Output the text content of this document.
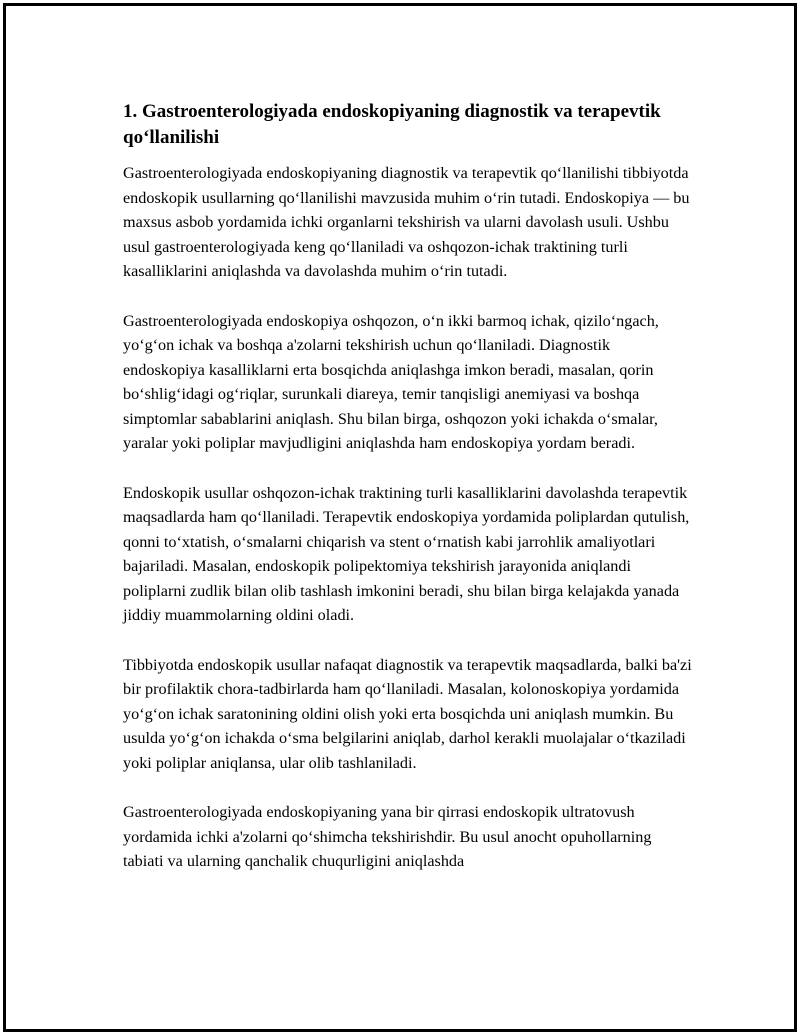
1. Gastroenterologiyada endoskopiyaning diagnostik va terapevtik qo‘llanilishi

Gastroenterologiyada endoskopiyaning diagnostik va terapevtik qo‘llanilishi tibbiyotda endoskopik usullarning qo‘llanilishi mavzusida muhim o‘rin tutadi. Endoskopiya — bu maxsus asbob yordamida ichki organlarni tekshirish va ularni davolash usuli. Ushbu usul gastroenterologiyada keng qo‘llaniladi va oshqozon-ichak traktining turli kasalliklarini aniqlashda va davolashda muhim o‘rin tutadi.

Gastroenterologiyada endoskopiya oshqozon, o‘n ikki barmoq ichak, qizilo‘ngach, yo‘g‘on ichak va boshqa a'zolarni tekshirish uchun qo‘llaniladi. Diagnostik endoskopiya kasalliklarni erta bosqichda aniqlashga imkon beradi, masalan, qorin bo‘shlig‘idagi og‘riqlar, surunkali diareya, temir tanqisligi anemiyasi va boshqa simptomlar sabablarini aniqlash. Shu bilan birga, oshqozon yoki ichakda o‘smalar, yaralar yoki poliplar mavjudligini aniqlashda ham endoskopiya yordam beradi.

Endoskopik usullar oshqozon-ichak traktining turli kasalliklarini davolashda terapevtik maqsadlarda ham qo‘llaniladi. Terapevtik endoskopiya yordamida poliplardan qutulish, qonni to‘xtatish, o‘smalarni chiqarish va stent o‘rnatish kabi jarrohlik amaliyotlari bajariladi. Masalan, endoskopik polipektomiya tekshirish jarayonida aniqlandi poliplarni zudlik bilan olib tashlash imkonini beradi, shu bilan birga kelajakda yanada jiddiy muammolarning oldini oladi.

Tibbiyotda endoskopik usullar nafaqat diagnostik va terapevtik maqsadlarda, balki ba'zi bir profilaktik chora-tadbirlarda ham qo‘llaniladi. Masalan, kolonoskopiya yordamida yo‘g‘on ichak saratonining oldini olish yoki erta bosqichda uni aniqlash mumkin. Bu usulda yo‘g‘on ichakda o‘sma belgilarini aniqlab, darhol kerakli muolajalar o‘tkaziladi yoki poliplar aniqlansa, ular olib tashlaniladi.

Gastroenterologiyada endoskopiyaning yana bir qirrasi endoskopik ultratovush yordamida ichki a'zolarni qo‘shimcha tekshirishdir. Bu usul anocht opuhollarning tabiati va ularning qanchalik chuqurligini aniqlashda
